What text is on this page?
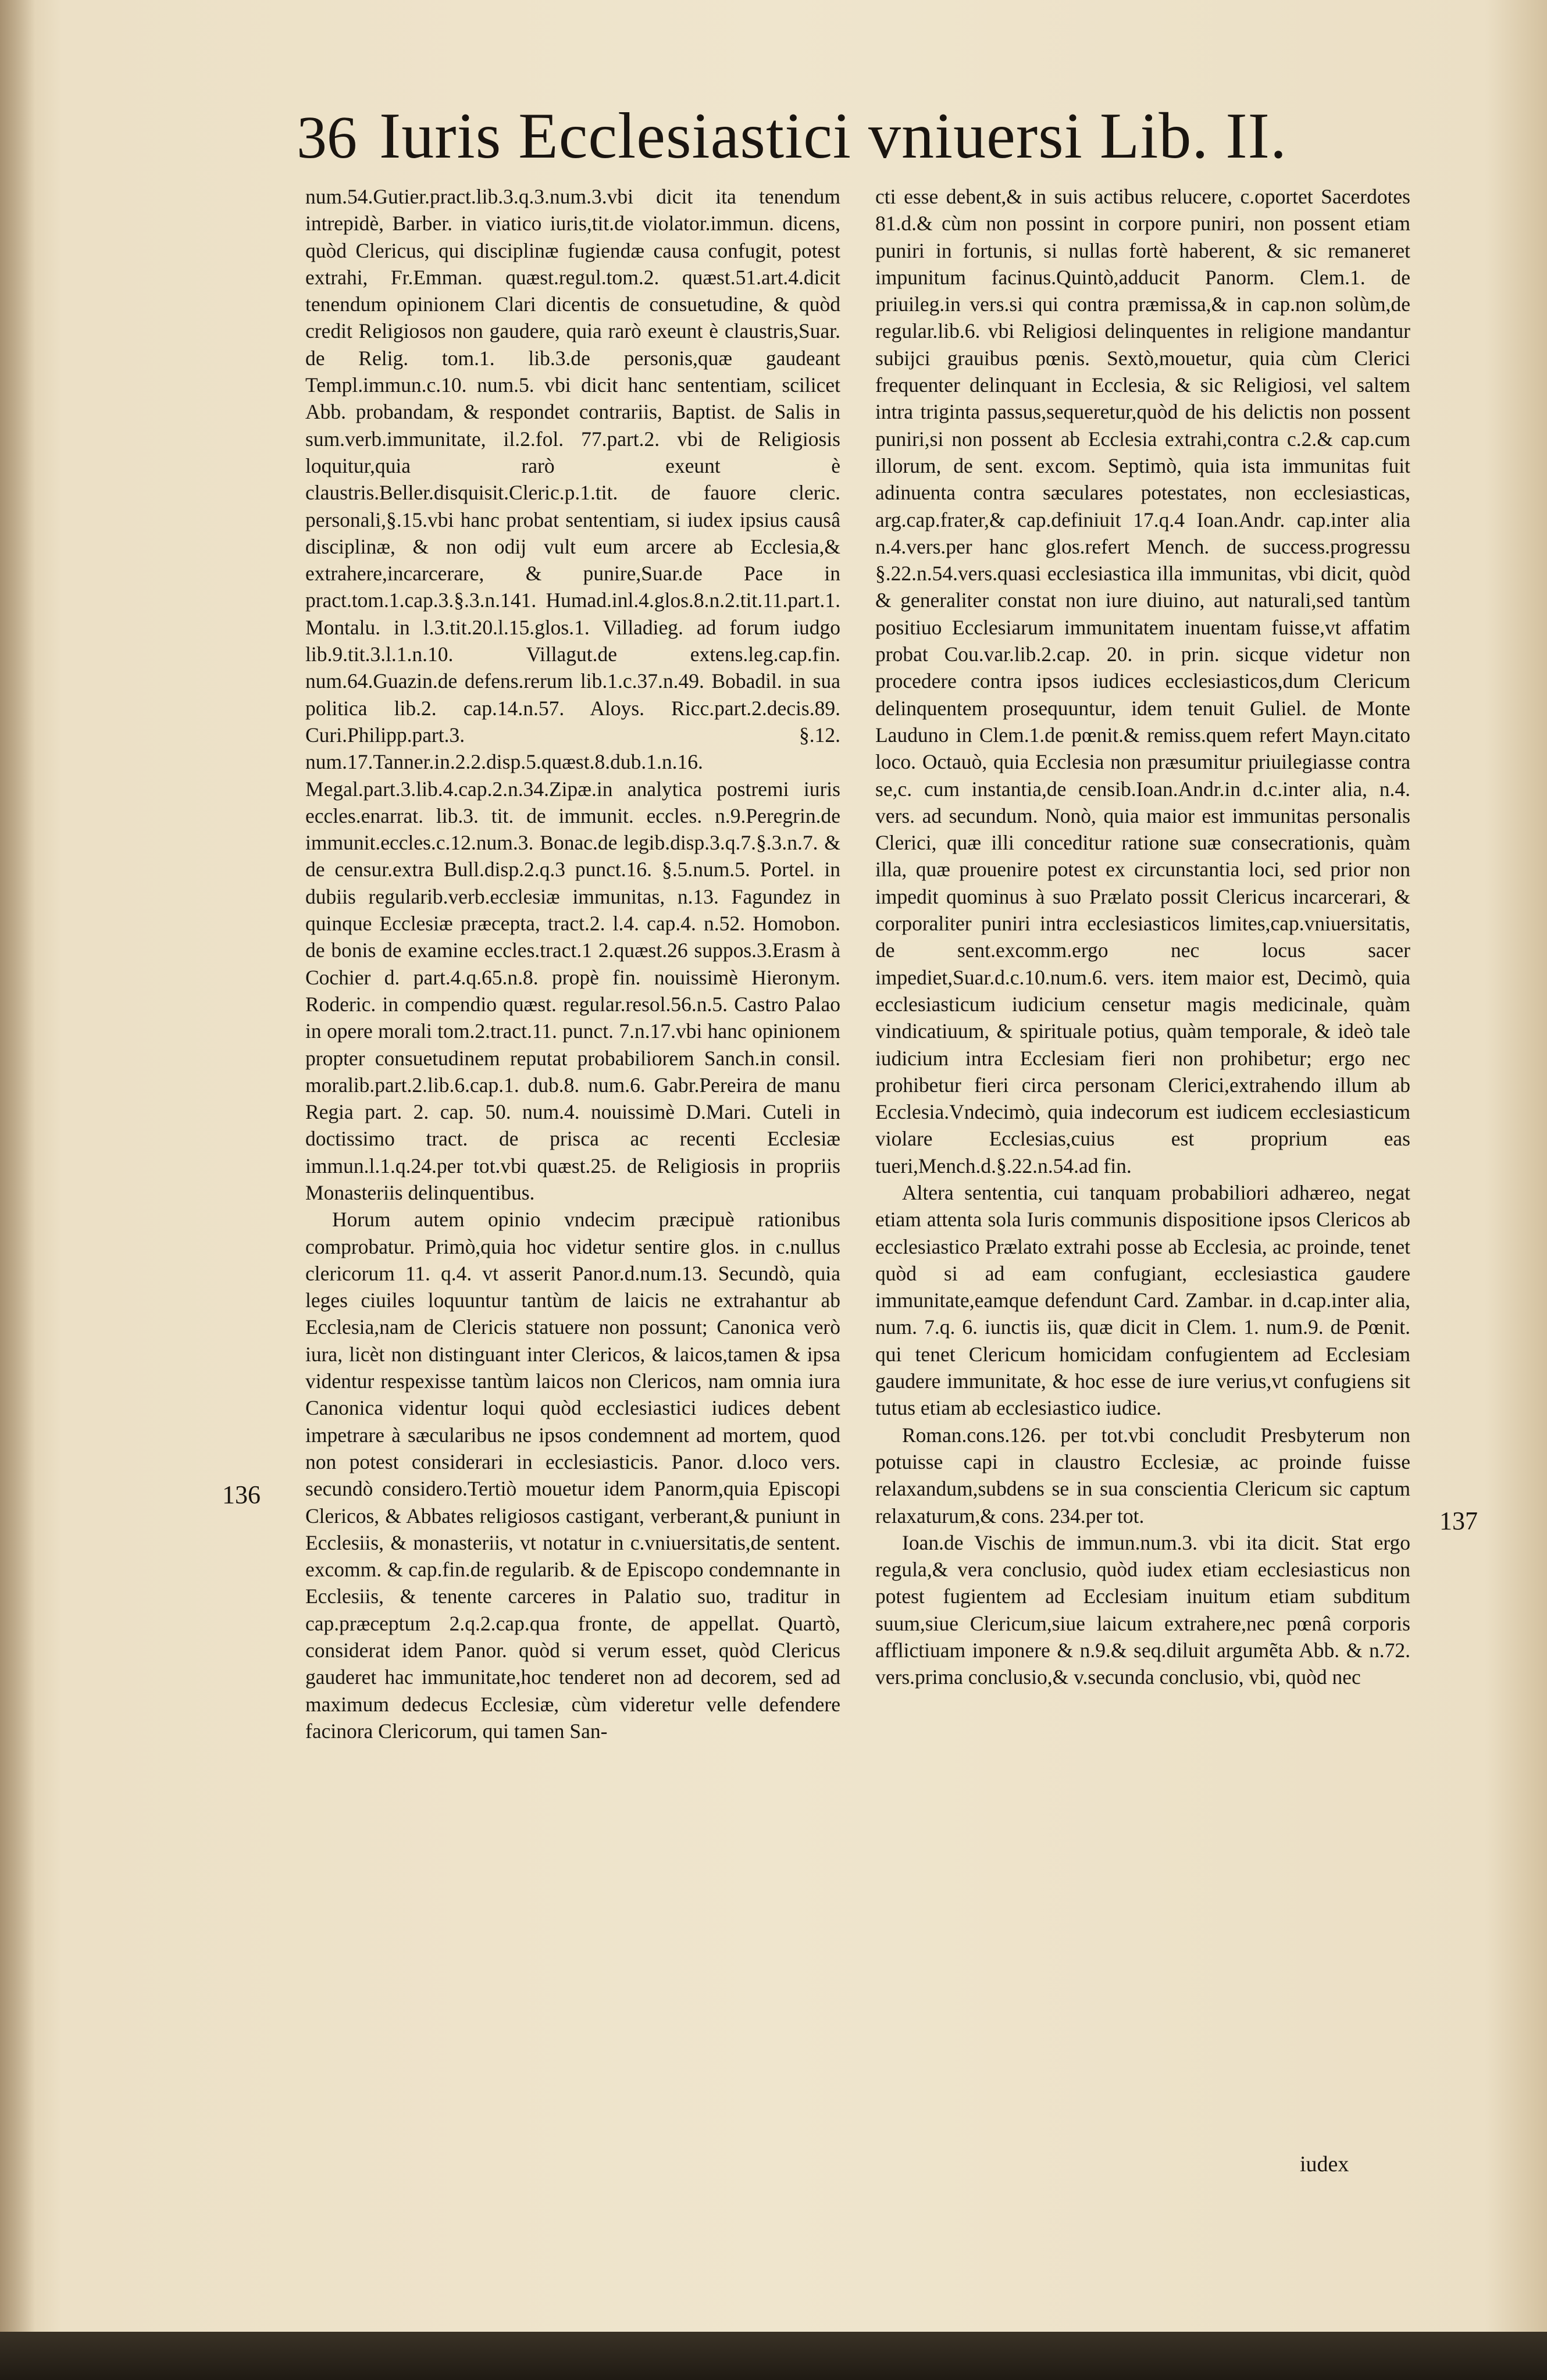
36 Iuris Ecclesiastici vniuersi Lib. II.

num.54.Gutier.pract.lib.3.q.3.num.3.vbi dicit ita tenendum intrepidè, Barber. in viatico iuris,tit.de violator.immun. dicens, quòd Clericus, qui disciplinæ fugiendæ causa confugit, potest extrahi, Fr.Emman. quæst.regul.tom.2. quæst.51.art.4.dicit tenendum opinionem Clari dicentis de consuetudine, & quòd credit Religiosos non gaudere, quia rarò exeunt è claustris,Suar. de Relig. tom.1. lib.3.de personis,quæ gaudeant Templ.immun.c.10. num.5. vbi dicit hanc sententiam, scilicet Abb. probandam, & respondet contrariis, Baptist. de Salis in sum.verb.immunitate, il.2.fol. 77.part.2. vbi de Religiosis loquitur,quia rarò exeunt è claustris.Beller.disquisit.Cleric.p.1.tit. de fauore cleric. personali,§.15.vbi hanc probat sententiam, si iudex ipsius causâ disciplinæ, & non odij vult eum arcere ab Ecclesia,& extrahere,incarcerare, & punire,Suar.de Pace in pract.tom.1.cap.3.§.3.n.141. Humad.inl.4.glos.8.n.2.tit.11.part.1. Montalu. in l.3.tit.20.l.15.glos.1. Villadieg. ad forum iudgo lib.9.tit.3.l.1.n.10. Villagut.de extens.leg.cap.fin. num.64.Guazin.de defens.rerum lib.1.c.37.n.49. Bobadil. in sua politica lib.2. cap.14.n.57. Aloys. Ricc.part.2.decis.89. Curi.Philipp.part.3. §.12. num.17.Tanner.in.2.2.disp.5.quæst.8.dub.1.n.16. Megal.part.3.lib.4.cap.2.n.34.Zipæ.in analytica postremi iuris eccles.enarrat. lib.3. tit. de immunit. eccles. n.9.Peregrin.de immunit.eccles.c.12.num.3. Bonac.de legib.disp.3.q.7.§.3.n.7. & de censur.extra Bull.disp.2.q.3 punct.16. §.5.num.5. Portel. in dubiis regularib.verb.ecclesiæ immunitas, n.13. Fagundez in quinque Ecclesiæ præcepta, tract.2. l.4. cap.4. n.52. Homobon. de bonis de examine eccles.tract.1 2.quæst.26 suppos.3.Erasm à Cochier d. part.4.q.65.n.8. propè fin. nouissimè Hieronym. Roderic. in compendio quæst. regular.resol.56.n.5. Castro Palao in opere morali tom.2.tract.11. punct. 7.n.17.vbi hanc opinionem propter consuetudinem reputat probabiliorem Sanch.in consil. moralib.part.2.lib.6.cap.1. dub.8. num.6. Gabr.Pereira de manu Regia part. 2. cap. 50. num.4. nouissimè D.Mari. Cuteli in doctissimo tract. de prisca ac recenti Ecclesiæ immun.l.1.q.24.per tot.vbi quæst.25. de Religiosis in propriis Monasteriis delinquentibus.

Horum autem opinio vndecim præcipuè rationibus comprobatur. Primò,quia hoc videtur sentire glos. in c.nullus clericorum 11. q.4. vt asserit Panor.d.num.13. Secundò, quia leges ciuiles loquuntur tantùm de laicis ne extrahantur ab Ecclesia,nam de Clericis statuere non possunt; Canonica verò iura, licèt non distinguant inter Clericos, & laicos,tamen & ipsa videntur respexisse tantùm laicos non Clericos, nam omnia iura Canonica videntur loqui quòd ecclesiastici iudices debent impetrare à sæcularibus ne ipsos condemnent ad mortem, quod non potest considerari in ecclesiasticis. Panor. d.loco vers. secundò considero.Tertiò mouetur idem Panorm,quia Episcopi Clericos, & Abbates religiosos castigant, verberant,& puniunt in Ecclesiis, & monasteriis, vt notatur in c.vniuersitatis,de sentent. excomm. & cap.fin.de regularib. & de Episcopo condemnante in Ecclesiis, & tenente carceres in Palatio suo, traditur in cap.præceptum 2.q.2.cap.qua fronte, de appellat. Quartò, considerat idem Panor. quòd si verum esset, quòd Clericus gauderet hac immunitate,hoc tenderet non ad decorem, sed ad maximum dedecus Ecclesiæ, cùm videretur velle defendere facinora Clericorum, qui tamen San-

cti esse debent,& in suis actibus relucere, c.oportet Sacerdotes 81.d.& cùm non possint in corpore puniri, non possent etiam puniri in fortunis, si nullas fortè haberent, & sic remaneret impunitum facinus.Quintò,adducit Panorm. Clem.1. de priuileg.in vers.si qui contra præmissa,& in cap.non solùm,de regular.lib.6. vbi Religiosi delinquentes in religione mandantur subijci grauibus pœnis. Sextò,mouetur, quia cùm Clerici frequenter delinquant in Ecclesia, & sic Religiosi, vel saltem intra triginta passus,sequeretur,quòd de his delictis non possent puniri,si non possent ab Ecclesia extrahi,contra c.2.& cap.cum illorum, de sent. excom. Septimò, quia ista immunitas fuit adinuenta contra sæculares potestates, non ecclesiasticas, arg.cap.frater,& cap.definiuit 17.q.4 Ioan.Andr. cap.inter alia n.4.vers.per hanc glos.refert Mench. de success.progressu §.22.n.54.vers.quasi ecclesiastica illa immunitas, vbi dicit, quòd & generaliter constat non iure diuino, aut naturali,sed tantùm positiuo Ecclesiarum immunitatem inuentam fuisse,vt affatim probat Cou.var.lib.2.cap. 20. in prin. sicque videtur non procedere contra ipsos iudices ecclesiasticos,dum Clericum delinquentem prosequuntur, idem tenuit Guliel. de Monte Lauduno in Clem.1.de pœnit.& remiss.quem refert Mayn.citato loco. Octauò, quia Ecclesia non præsumitur priuilegiasse contra se,c. cum instantia,de censib.Ioan.Andr.in d.c.inter alia, n.4. vers. ad secundum. Nonò, quia maior est immunitas personalis Clerici, quæ illi conceditur ratione suæ consecrationis, quàm illa, quæ prouenire potest ex circunstantia loci, sed prior non impedit quominus à suo Prælato possit Clericus incarcerari, & corporaliter puniri intra ecclesiasticos limites,cap.vniuersitatis, de sent.excomm.ergo nec locus sacer impediet,Suar.d.c.10.num.6. vers. item maior est, Decimò, quia ecclesiasticum iudicium censetur magis medicinale, quàm vindicatiuum, & spirituale potius, quàm temporale, & ideò tale iudicium intra Ecclesiam fieri non prohibetur; ergo nec prohibetur fieri circa personam Clerici,extrahendo illum ab Ecclesia.Vndecimò, quia indecorum est iudicem ecclesiasticum violare Ecclesias,cuius est proprium eas tueri,Mench.d.§.22.n.54.ad fin.

Altera sententia, cui tanquam probabiliori adhæreo, negat etiam attenta sola Iuris communis dispositione ipsos Clericos ab ecclesiastico Prælato extrahi posse ab Ecclesia, ac proinde, tenet quòd si ad eam confugiant, ecclesiastica gaudere immunitate,eamque defendunt Card. Zambar. in d.cap.inter alia, num. 7.q. 6. iunctis iis, quæ dicit in Clem. 1. num.9. de Pœnit. qui tenet Clericum homicidam confugientem ad Ecclesiam gaudere immunitate, & hoc esse de iure verius,vt confugiens sit tutus etiam ab ecclesiastico iudice.

Roman.cons.126. per tot.vbi concludit Presbyterum non potuisse capi in claustro Ecclesiæ, ac proinde fuisse relaxandum,subdens se in sua conscientia Clericum sic captum relaxaturum,& cons. 234.per tot.

Ioan.de Vischis de immun.num.3. vbi ita dicit. Stat ergo regula,& vera conclusio, quòd iudex etiam ecclesiasticus non potest fugientem ad Ecclesiam inuitum etiam subditum suum,siue Clericum,siue laicum extrahere,nec pœnâ corporis afflictiuam imponere & n.9.& seq.diluit argumẽta Abb. & n.72. vers.prima conclusio,& v.secunda conclusio, vbi, quòd nec

136
137
iudex
